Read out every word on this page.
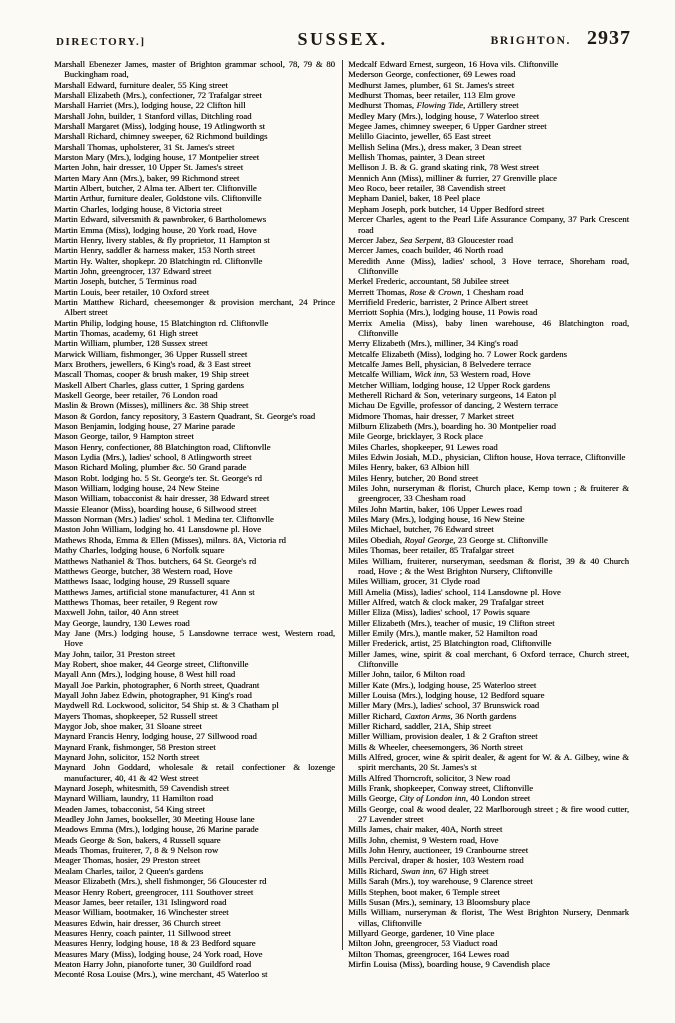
DIRECTORY.]	SUSSEX.	BRIGHTON. 2937

Marshall Ebenezer James, master of Brighton grammar school, 78, 79 & 80 Buckingham road,

Marshall Edward, furniture dealer, 55 King street

Marshall Elizabeth (Mrs.), confectioner, 72 Trafalgar street

Marshall Harriet (Mrs.), lodging house, 22 Clifton hill

Marshall John, builder, 1 Stanford villas, Ditchling road

Marshall Margaret (Miss), lodging house, 19 Atlingworth st

Marshall Richard, chimney sweeper, 62 Richmond buildings

Marshall Thomas, upholsterer, 31 St. James's street

Marston Mary (Mrs.), lodging house, 17 Montpelier street

Marten John, hair dresser, 10 Upper St. James's street

Marten Mary Ann (Mrs.), baker, 99 Richmond street

Martin Albert, butcher, 2 Alma ter. Albert ter. Cliftonville

Martin Arthur, furniture dealer, Goldstone vils. Cliftonville

Martin Charles, lodging house, 8 Victoria street

Martin Edward, silversmith & pawnbroker, 6 Bartholomews

Martin Emma (Miss), lodging house, 20 York road, Hove

Martin Henry, livery stables, & fly proprietor, 11 Hampton st

Martin Henry, saddler & harness maker, 153 North street

Martin Hy. Walter, shopkepr. 20 Blatchingtn rd. Cliftonvlle

Martin John, greengrocer, 137 Edward street

Martin Joseph, butcher, 5 Terminus road

Martin Louis, beer retailer, 10 Oxford street

Martin Matthew Richard, cheesemonger & provision merchant, 24 Prince Albert street

Martin Philip, lodging house, 15 Blatchington rd. Cliftonvlle

Martin Thomas, academy, 61 High street

Martin William, plumber, 128 Sussex street

Marwick William, fishmonger, 36 Upper Russell street

Marx Brothers, jewellers, 6 King's road, & 3 East street

Mascall Thomas, cooper & brush maker, 19 Ship street

Maskell Albert Charles, glass cutter, 1 Spring gardens

Maskell George, beer retailer, 76 London road

Maslin & Brown (Misses), milliners &c. 38 Ship street

Mason & Gordon, fancy repository, 3 Eastern Quadrant, St. George's road

Mason Benjamin, lodging house, 27 Marine parade

Mason George, tailor, 9 Hampton street

Mason Henry, confectioner, 88 Blatchington road, Cliftonvlle

Mason Lydia (Mrs.), ladies' school, 8 Atlingworth street

Mason Richard Moling, plumber &c. 50 Grand parade

Mason Robt. lodging ho. 5 St. George's ter. St. George's rd

Mason William, lodging house, 24 New Steine

Mason William, tobacconist & hair dresser, 38 Edward street

Massie Eleanor (Miss), boarding house, 6 Sillwood street

Masson Norman (Mrs.) ladies' schol. 1 Medina ter. Cliftonvlle

Maston John William, lodging ho. 41 Lansdowne pl. Hove

Mathews Rhoda, Emma & Ellen (Misses), milnrs. 8A, Victoria rd

Mathy Charles, lodging house, 6 Norfolk square

Matthews Nathaniel & Thos. butchers, 64 St. George's rd

Matthews George, butcher, 38 Western road, Hove

Matthews Isaac, lodging house, 29 Russell square

Matthews James, artificial stone manufacturer, 41 Ann st

Matthews Thomas, beer retailer, 9 Regent row

Maxwell John, tailor, 40 Ann street

May George, laundry, 130 Lewes road

May Jane (Mrs.) lodging house, 5 Lansdowne terrace west, Western road, Hove

May John, tailor, 31 Preston street

May Robert, shoe maker, 44 George street, Cliftonville

Mayall Ann (Mrs.), lodging house, 8 West hill road

Mayall Joe Parkin, photographer, 6 North street, Quadrant

Mayall John Jabez Edwin, photographer, 91 King's road

Maydwell Rd. Lockwood, solicitor, 54 Ship st. & 3 Chatham pl

Mayers Thomas, shopkeeper, 52 Russell street

Maygor Job, shoe maker, 31 Sloane street

Maynard Francis Henry, lodging house, 27 Sillwood road

Maynard Frank, fishmonger, 58 Preston street

Maynard John, solicitor, 152 North street

Maynard John Goddard, wholesale & retail confectioner & lozenge manufacturer, 40, 41 & 42 West street

Maynard Joseph, whitesmith, 59 Cavendish street

Maynard William, laundry, 11 Hamilton road

Meaden James, tobacconist, 54 King street

Meadley John James, bookseller, 30 Meeting House lane

Meadows Emma (Mrs.), lodging house, 26 Marine parade

Meads George & Son, bakers, 4 Russell square

Meads Thomas, fruiterer, 7, 8 & 9 Nelson row

Meager Thomas, hosier, 29 Preston street

Mealam Charles, tailor, 2 Queen's gardens

Measor Elizabeth (Mrs.), shell fishmonger, 56 Gloucester rd

Measor Henry Robert, greengrocer, 111 Southover street

Measor James, beer retailer, 131 Islingword road

Measor William, bootmaker, 16 Winchester street

Measures Edwin, hair dresser, 36 Church street

Measures Henry, coach painter, 11 Sillwood street

Measures Henry, lodging house, 18 & 23 Bedford square

Measures Mary (Miss), lodging house, 24 York road, Hove

Meaton Harry John, pianoforte tuner, 30 Guildford road

Meconté Rosa Louise (Mrs.), wine merchant, 45 Waterloo st

Medcalf Edward Ernest, surgeon, 16 Hova vils. Cliftonville

Mederson George, confectioner, 69 Lewes road

Medhurst James, plumber, 61 St. James's street

Medhurst Thomas, beer retailer, 113 Elm grove

Medhurst Thomas, Flowing Tide, Artillery street

Medley Mary (Mrs.), lodging house, 7 Waterloo street

Megee James, chimney sweeper, 6 Upper Gardner street

Melillo Giacinto, jeweller, 65 East street

Mellish Selina (Mrs.), dress maker, 3 Dean street

Mellish Thomas, painter, 3 Dean street

Mellison J. B. & G. grand skating rink, 78 West street

Mennich Ann (Miss), milliner & furrier, 27 Grenville place

Meo Roco, beer retailer, 38 Cavendish street

Mepham Daniel, baker, 18 Peel place

Mepham Joseph, pork butcher, 14 Upper Bedford street

Mercer Charles, agent to the Pearl Life Assurance Company, 37 Park Crescent road

Mercer Jabez, Sea Serpent, 83 Gloucester road

Mercer James, coach builder, 46 North road

Meredith Anne (Miss), ladies' school, 3 Hove terrace, Shoreham road, Cliftonville

Merkel Frederic, accountant, 58 Jubilee street

Merrett Thomas, Rose & Crown, 1 Chesham road

Merrifield Frederic, barrister, 2 Prince Albert street

Merriott Sophia (Mrs.), lodging house, 11 Powis road

Merrix Amelia (Miss), baby linen warehouse, 46 Blatchington road, Cliftonville

Merry Elizabeth (Mrs.), milliner, 34 King's road

Metcalfe Elizabeth (Miss), lodging ho. 7 Lower Rock gardens

Metcalfe James Bell, physician, 8 Belvedere terrace

Metcalfe William, Wick inn, 53 Western road, Hove

Metcher William, lodging house, 12 Upper Rock gardens

Metherell Richard & Son, veterinary surgeons, 14 Eaton pl

Michau De Egville, professor of dancing, 2 Western terrace

Midmore Thomas, hair dresser, 7 Market street

Milburn Elizabeth (Mrs.), boarding ho. 30 Montpelier road

Mile George, bricklayer, 3 Rock place

Miles Charles, shopkeeper, 91 Lewes road

Miles Edwin Josiah, M.D., physician, Clifton house, Hova terrace, Cliftonville

Miles Henry, baker, 63 Albion hill

Miles Henry, butcher, 20 Bond street

Miles John, nurseryman & florist, Church place, Kemp town ; & fruiterer & greengrocer, 33 Chesham road

Miles John Martin, baker, 106 Upper Lewes road

Miles Mary (Mrs.), lodging house, 16 New Steine

Miles Michael, butcher, 76 Edward street

Miles Obediah, Royal George, 23 George st. Cliftonville

Miles Thomas, beer retailer, 85 Trafalgar street

Miles William, fruiterer, nurseryman, seedsman & florist, 39 & 40 Church road, Hove ; & the West Brighton Nursery, Cliftonville

Miles William, grocer, 31 Clyde road

Mill Amelia (Miss), ladies' school, 114 Lansdowne pl. Hove

Miller Alfred, watch & clock maker, 29 Trafalgar street

Miller Eliza (Miss), ladies' school, 17 Powis square

Miller Elizabeth (Mrs.), teacher of music, 19 Clifton street

Miller Emily (Mrs.), mantle maker, 52 Hamilton road

Miller Frederick, artist, 25 Blatchington road, Cliftonville

Miller James, wine, spirit & coal merchant, 6 Oxford terrace, Church street, Cliftonville

Miller John, tailor, 6 Milton road

Miller Kate (Mrs.), lodging house, 25 Waterloo street

Miller Louisa (Mrs.), lodging house, 12 Bedford square

Miller Mary (Mrs.), ladies' school, 37 Brunswick road

Miller Richard, Caxton Arms, 36 North gardens

Miller Richard, saddler, 21A, Ship street

Miller William, provision dealer, 1 & 2 Grafton street

Mills & Wheeler, cheesemongers, 36 North street

Mills Alfred, grocer, wine & spirit dealer, & agent for W. & A. Gilbey, wine & spirit merchants, 20 St. James's st

Mills Alfred Thorncroft, solicitor, 3 New road

Mills Frank, shopkeeper, Conway street, Cliftonville

Mills George, City of London inn, 40 London street

Mills George, coal & wood dealer, 22 Marlborough street ; & fire wood cutter, 27 Lavender street

Mills James, chair maker, 40A, North street

Mills John, chemist, 9 Western road, Hove

Mills John Henry, auctioneer, 19 Cranbourne street

Mills Percival, draper & hosier, 103 Western road

Mills Richard, Swan inn, 67 High street

Mills Sarah (Mrs.), toy warehouse, 9 Clarence street

Mills Stephen, boot maker, 6 Temple street

Mills Susan (Mrs.), seminary, 13 Bloomsbury place

Mills William, nurseryman & florist, The West Brighton Nursery, Denmark villas, Cliftonville

Millyard George, gardener, 10 Vine place

Milton John, greengrocer, 53 Viaduct road

Milton Thomas, greengrocer, 164 Lewes road

Mirfin Louisa (Miss), boarding house, 9 Cavendish place
